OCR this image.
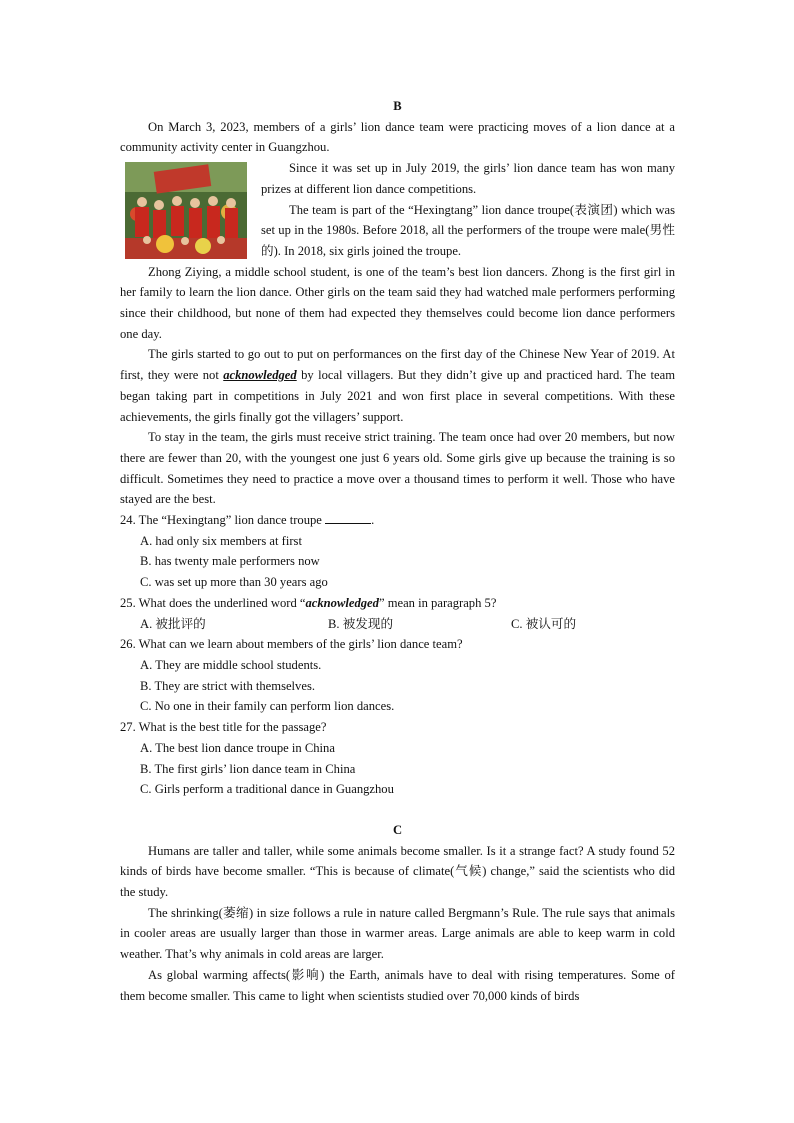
B

On March 3, 2023, members of a girls’ lion dance team were practicing moves of a lion dance at a community activity center in Guangzhou.

Since it was set up in July 2019, the girls’ lion dance team has won many prizes at different lion dance competitions.

The team is part of the “Hexingtang” lion dance troupe(表演团) which was set up in the 1980s. Before 2018, all the performers of the troupe were male(男性的). In 2018, six girls joined the troupe.

Zhong Ziying, a middle school student, is one of the team’s best lion dancers. Zhong is the first girl in her family to learn the lion dance. Other girls on the team said they had watched male performers performing since their childhood, but none of them had expected they themselves could become lion dance performers one day.

The girls started to go out to put on performances on the first day of the Chinese New Year of 2019. At first, they were not acknowledged by local villagers. But they didn’t give up and practiced hard. The team began taking part in competitions in July 2021 and won first place in several competitions. With these achievements, the girls finally got the villagers’ support.

To stay in the team, the girls must receive strict training. The team once had over 20 members, but now there are fewer than 20, with the youngest one just 6 years old. Some girls give up because the training is so difficult. Sometimes they need to practice a move over a thousand times to perform it well. Those who have stayed are the best.

24. The “Hexingtang” lion dance troupe	.

A. had only six members at first

B. has twenty male performers now

C. was set up more than 30 years ago

25. What does the underlined word “acknowledged” mean in paragraph 5?

A. 被批评的	B. 被发现的	C. 被认可的

26. What can we learn about members of the girls’ lion dance team?

A. They are middle school students.

B. They are strict with themselves.

C. No one in their family can perform lion dances.

27. What is the best title for the passage?

A. The best lion dance troupe in China

B. The first girls’ lion dance team in China

C. Girls perform a traditional dance in Guangzhou

C

Humans are taller and taller, while some animals become smaller. Is it a strange fact? A study found 52 kinds of birds have become smaller. “This is because of climate(气候) change,” said the scientists who did the study.

The shrinking(萎缩) in size follows a rule in nature called Bergmann’s Rule. The rule says that animals in cooler areas are usually larger than those in warmer areas. Large animals are able to keep warm in cold weather. That’s why animals in cold areas are larger.

As global warming affects(影响) the Earth, animals have to deal with rising temperatures. Some of them become smaller. This came to light when scientists studied over 70,000 kinds of birds
